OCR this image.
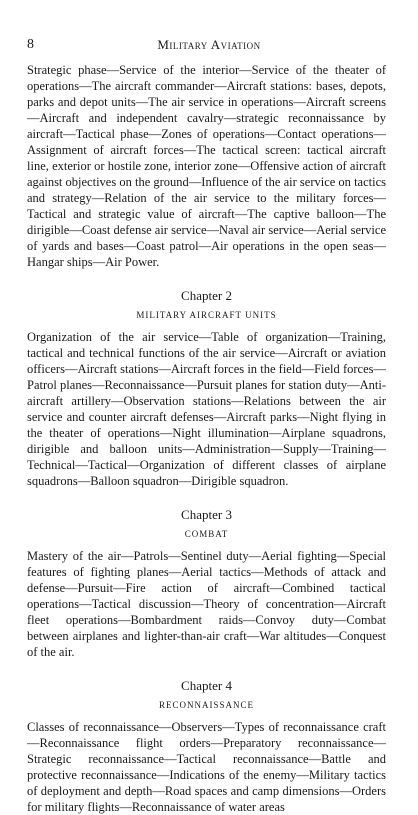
8	Military Aviation

Strategic phase—Service of the interior—Service of the theater of operations—The aircraft commander—Aircraft stations: bases, depots, parks and depot units—The air service in operations—Aircraft screens—Aircraft and independent cavalry—strategic reconnaissance by aircraft—Tactical phase—Zones of operations—Contact operations—Assignment of aircraft forces—The tactical screen: tactical aircraft line, exterior or hostile zone, interior zone—Offensive action of aircraft against objectives on the ground—Influence of the air service on tactics and strategy—Relation of the air service to the military forces—Tactical and strategic value of aircraft—The captive balloon—The dirigible—Coast defense air service—Naval air service—Aerial service of yards and bases—Coast patrol—Air operations in the open seas—Hangar ships—Air Power.

Chapter 2
MILITARY AIRCRAFT UNITS

Organization of the air service—Table of organization—Training, tactical and technical functions of the air service—Aircraft or aviation officers—Aircraft stations—Aircraft forces in the field—Field forces—Patrol planes—Reconnaissance—Pursuit planes for station duty—Anti-aircraft artillery—Observation stations—Relations between the air service and counter aircraft defenses—Aircraft parks—Night flying in the theater of operations—Night illumination—Airplane squadrons, dirigible and balloon units—Administration—Supply—Training—Technical—Tactical—Organization of different classes of airplane squadrons—Balloon squadron—Dirigible squadron.

Chapter 3
COMBAT

Mastery of the air—Patrols—Sentinel duty—Aerial fighting—Special features of fighting planes—Aerial tactics—Methods of attack and defense—Pursuit—Fire action of aircraft—Combined tactical operations—Tactical discussion—Theory of concentration—Aircraft fleet operations—Bombardment raids—Convoy duty—Combat between airplanes and lighter-than-air craft—War altitudes—Conquest of the air.

Chapter 4
RECONNAISSANCE

Classes of reconnaissance—Observers—Types of reconnaissance craft—Reconnaissance flight orders—Preparatory reconnaissance—Strategic reconnaissance—Tactical reconnaissance—Battle and protective reconnaissance—Indications of the enemy—Military tactics of deployment and depth—Road spaces and camp dimensions—Orders for military flights—Reconnaissance of water areas
